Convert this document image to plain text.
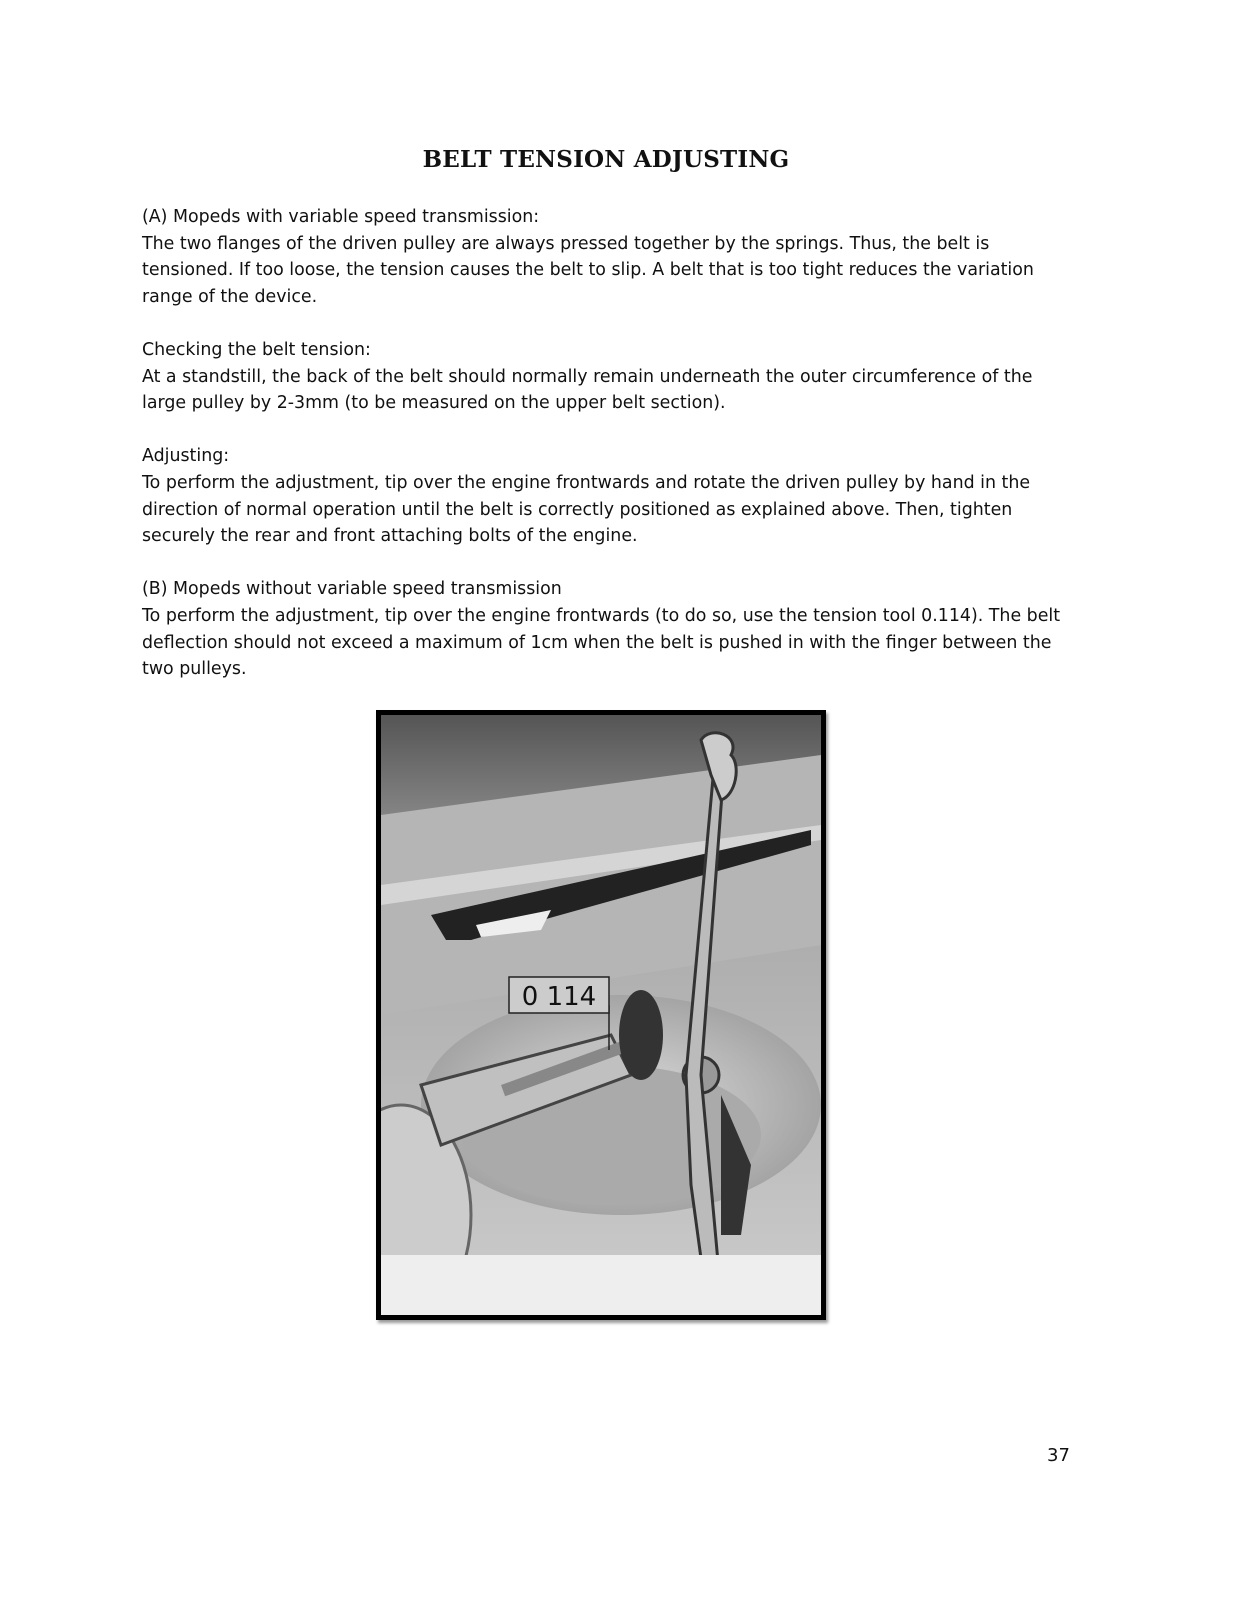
BELT TENSION ADJUSTING

(A) Mopeds with variable speed transmission:
The two flanges of the driven pulley are always pressed together by the springs. Thus, the belt is tensioned. If too loose, the tension causes the belt to slip. A belt that is too tight reduces the variation range of the device.

Checking the belt tension:
At a standstill, the back of the belt should normally remain underneath the outer circumference of the large pulley by 2-3mm (to be measured on the upper belt section).

Adjusting:
To perform the adjustment, tip over the engine frontwards and rotate the driven pulley by hand in the direction of normal operation until the belt is correctly positioned as explained above. Then, tighten securely the rear and front attaching bolts of the engine.

(B) Mopeds without variable speed transmission
To perform the adjustment, tip over the engine frontwards (to do so, use the tension tool 0.114). The belt deflection should not exceed a maximum of 1cm when the belt is pushed in with the finger between the two pulleys.

0 114
37
